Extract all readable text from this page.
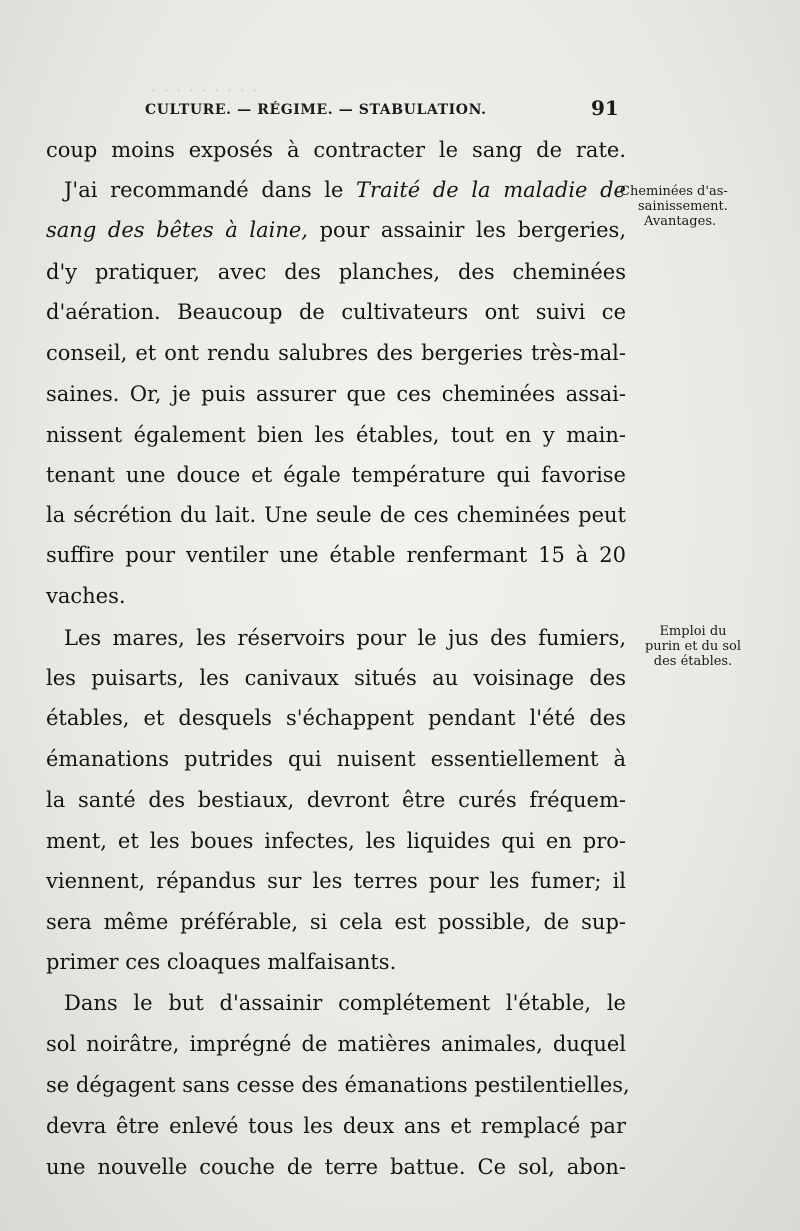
· · · · · · · · ·
CULTURE. — RÉGIME. — STABULATION.	91
coup moins exposés à contracter le sang de rate.
J'ai recommandé dans le Traité de la maladie de
sang des bêtes à laine, pour assainir les bergeries,
d'y pratiquer, avec des planches, des cheminées
d'aération. Beaucoup de cultivateurs ont suivi ce
conseil, et ont rendu salubres des bergeries très-mal-
saines. Or, je puis assurer que ces cheminées assai-
nissent également bien les étables, tout en y main-
tenant une douce et égale température qui favorise
la sécrétion du lait. Une seule de ces cheminées peut
suffire pour ventiler une étable renfermant 15 à 20
vaches.
Les mares, les réservoirs pour le jus des fumiers,
les puisarts, les canivaux situés au voisinage des
étables, et desquels s'échappent pendant l'été des
émanations putrides qui nuisent essentiellement à
la santé des bestiaux, devront être curés fréquem-
ment, et les boues infectes, les liquides qui en pro-
viennent, répandus sur les terres pour les fumer; il
sera même préférable, si cela est possible, de sup-
primer ces cloaques malfaisants.
Dans le but d'assainir complétement l'étable, le
sol noirâtre, imprégné de matières animales, duquel
se dégagent sans cesse des émanations pestilentielles,
devra être enlevé tous les deux ans et remplacé par
une nouvelle couche de terre battue. Ce sol, abon-
Cheminées d'as-
sainissement.
Avantages.
Emploi du
purin et du sol
des étables.
